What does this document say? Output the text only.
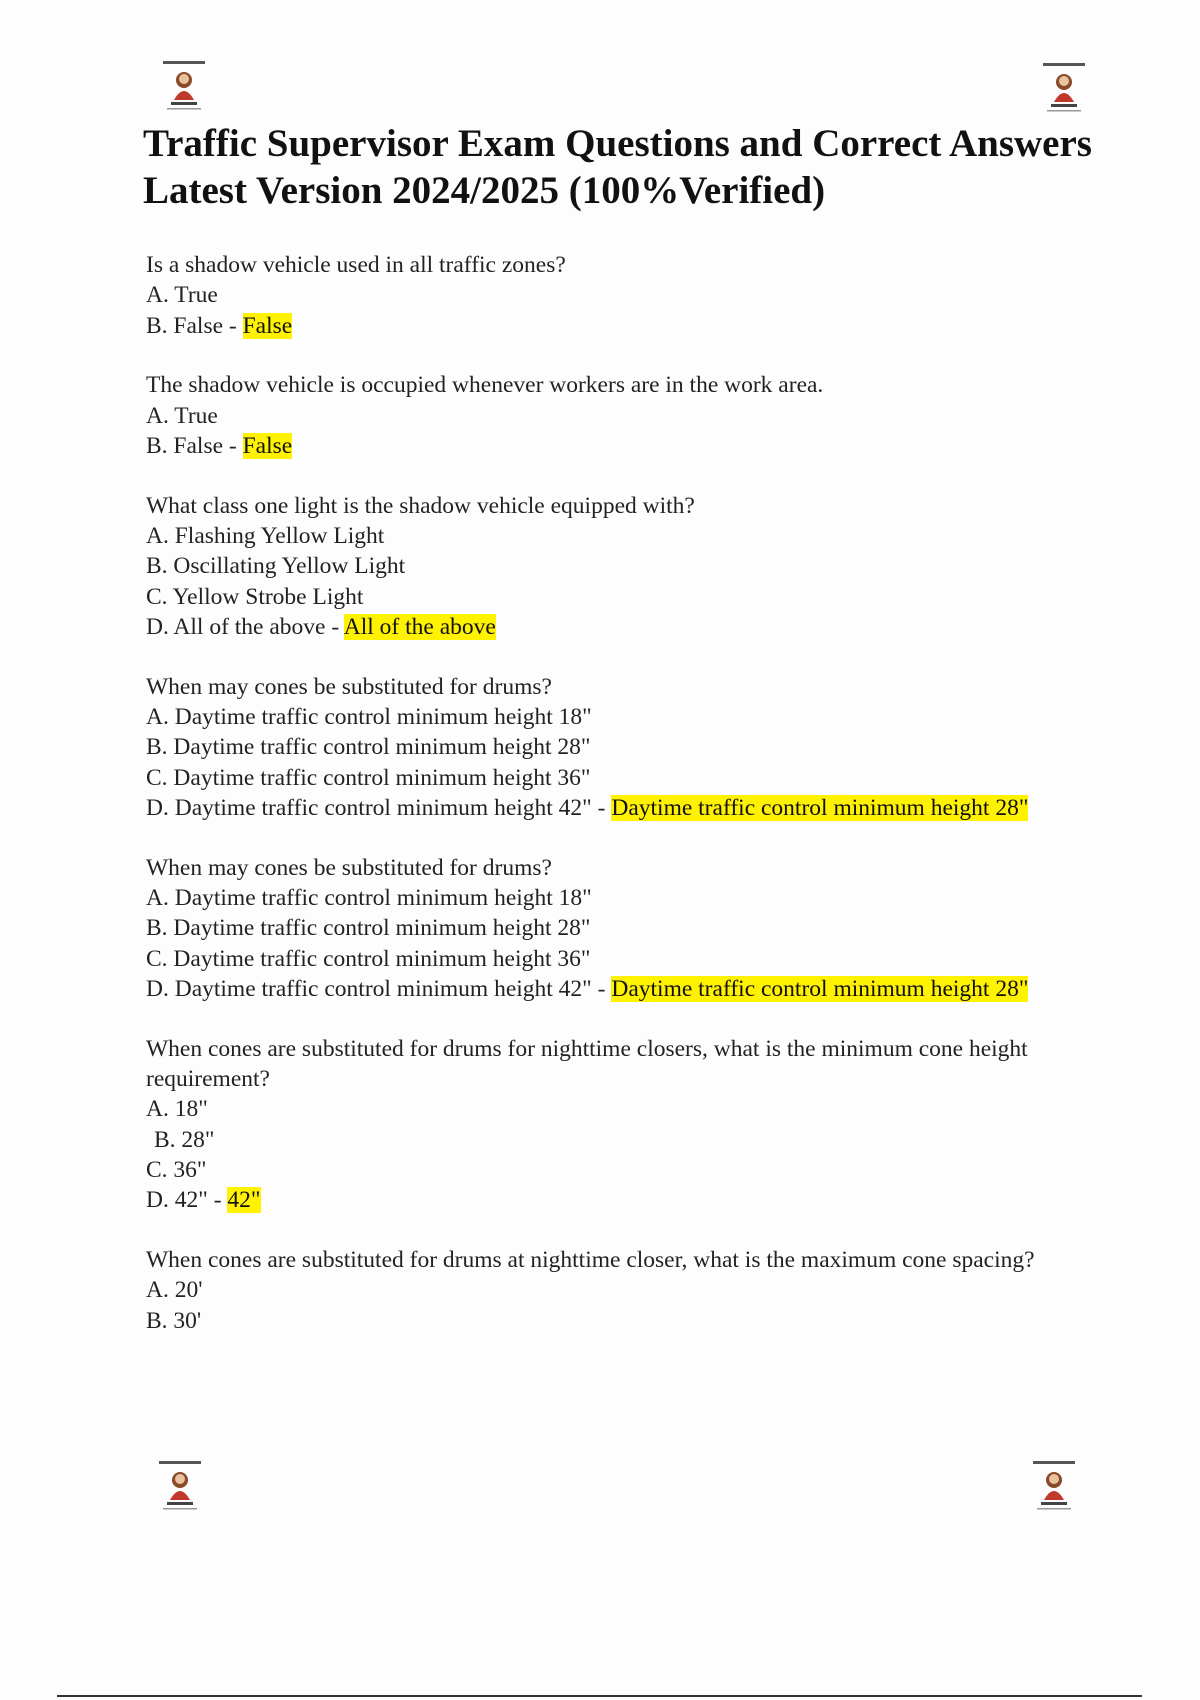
Traffic Supervisor Exam Questions and Correct Answers
Latest Version 2024/2025 (100%Verified)

Is a shadow vehicle used in all traffic zones?

A. True

B. False - False

The shadow vehicle is occupied whenever workers are in the work area.

A. True

B. False - False

What class one light is the shadow vehicle equipped with?

A. Flashing Yellow Light

B. Oscillating Yellow Light

C. Yellow Strobe Light

D. All of the above - All of the above

When may cones be substituted for drums?

A. Daytime traffic control minimum height 18"

B. Daytime traffic control minimum height 28"

C. Daytime traffic control minimum height 36"

D. Daytime traffic control minimum height 42" - Daytime traffic control minimum height 28"

When may cones be substituted for drums?

A. Daytime traffic control minimum height 18"

B. Daytime traffic control minimum height 28"

C. Daytime traffic control minimum height 36"

D. Daytime traffic control minimum height 42" - Daytime traffic control minimum height 28"

When cones are substituted for drums for nighttime closers, what is the minimum cone height requirement?

A. 18"

B. 28"

C. 36"

D. 42" - 42"

When cones are substituted for drums at nighttime closer, what is the maximum cone spacing?

A. 20'

B. 30'
